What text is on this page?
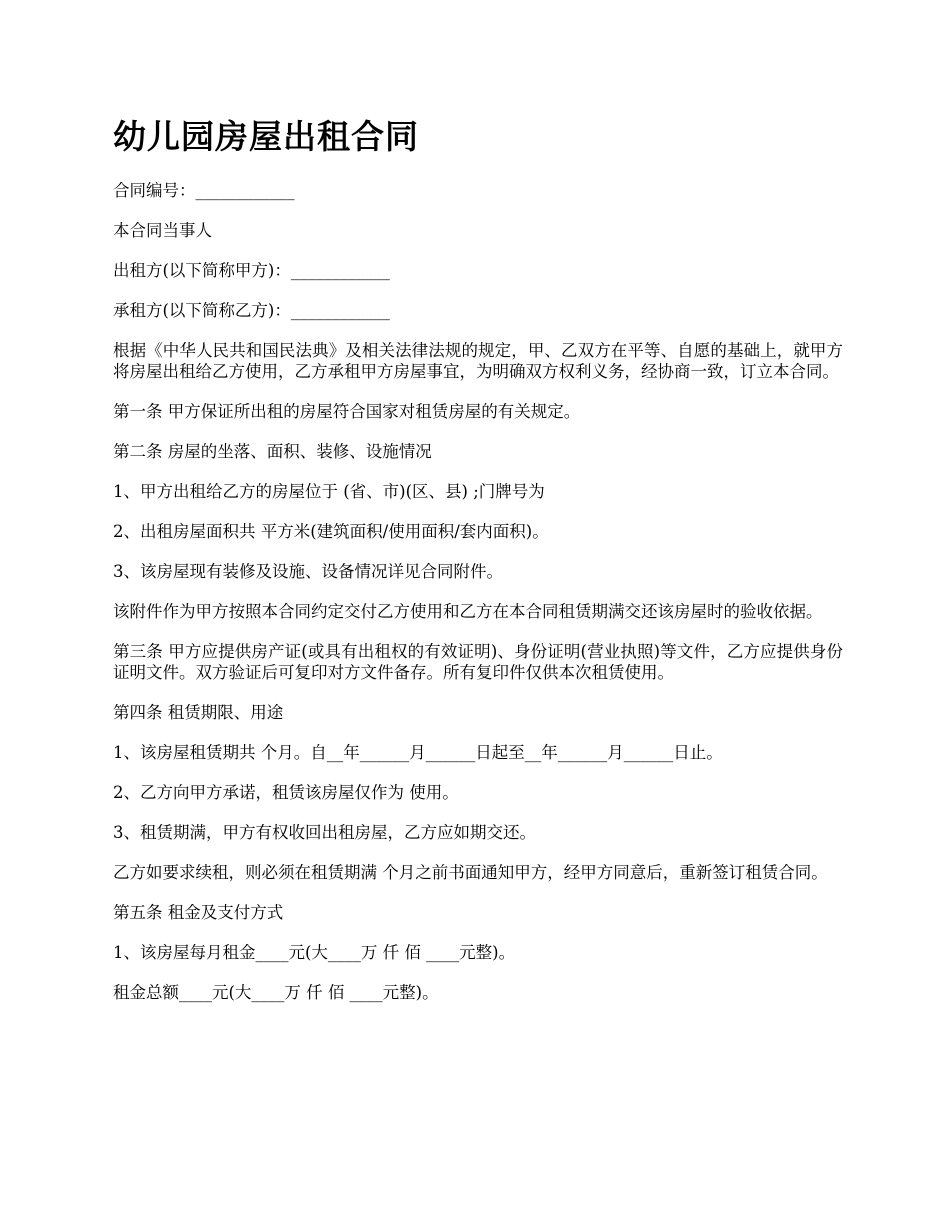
幼儿园房屋出租合同

合同编号：____________

本合同当事人

出租方(以下简称甲方)：____________

承租方(以下简称乙方)：____________

根据《中华人民共和国民法典》及相关法律法规的规定，甲、乙双方在平等、自愿的基础上，就甲方将房屋出租给乙方使用，乙方承租甲方房屋事宜，为明确双方权利义务，经协商一致，订立本合同。

第一条 甲方保证所出租的房屋符合国家对租赁房屋的有关规定。

第二条 房屋的坐落、面积、装修、设施情况

1、甲方出租给乙方的房屋位于 (省、市)(区、县) ;门牌号为

2、出租房屋面积共 平方米(建筑面积/使用面积/套内面积)。

3、该房屋现有装修及设施、设备情况详见合同附件。

该附件作为甲方按照本合同约定交付乙方使用和乙方在本合同租赁期满交还该房屋时的验收依据。

第三条 甲方应提供房产证(或具有出租权的有效证明)、身份证明(营业执照)等文件，乙方应提供身份证明文件。双方验证后可复印对方文件备存。所有复印件仅供本次租赁使用。

第四条 租赁期限、用途

1、该房屋租赁期共 个月。自__年______月______日起至__年______月______日止。

2、乙方向甲方承诺，租赁该房屋仅作为 使用。

3、租赁期满，甲方有权收回出租房屋，乙方应如期交还。

乙方如要求续租，则必须在租赁期满 个月之前书面通知甲方，经甲方同意后，重新签订租赁合同。

第五条 租金及支付方式

1、该房屋每月租金____元(大____万 仟 佰 ____元整)。

租金总额____元(大____万 仟 佰 ____元整)。
